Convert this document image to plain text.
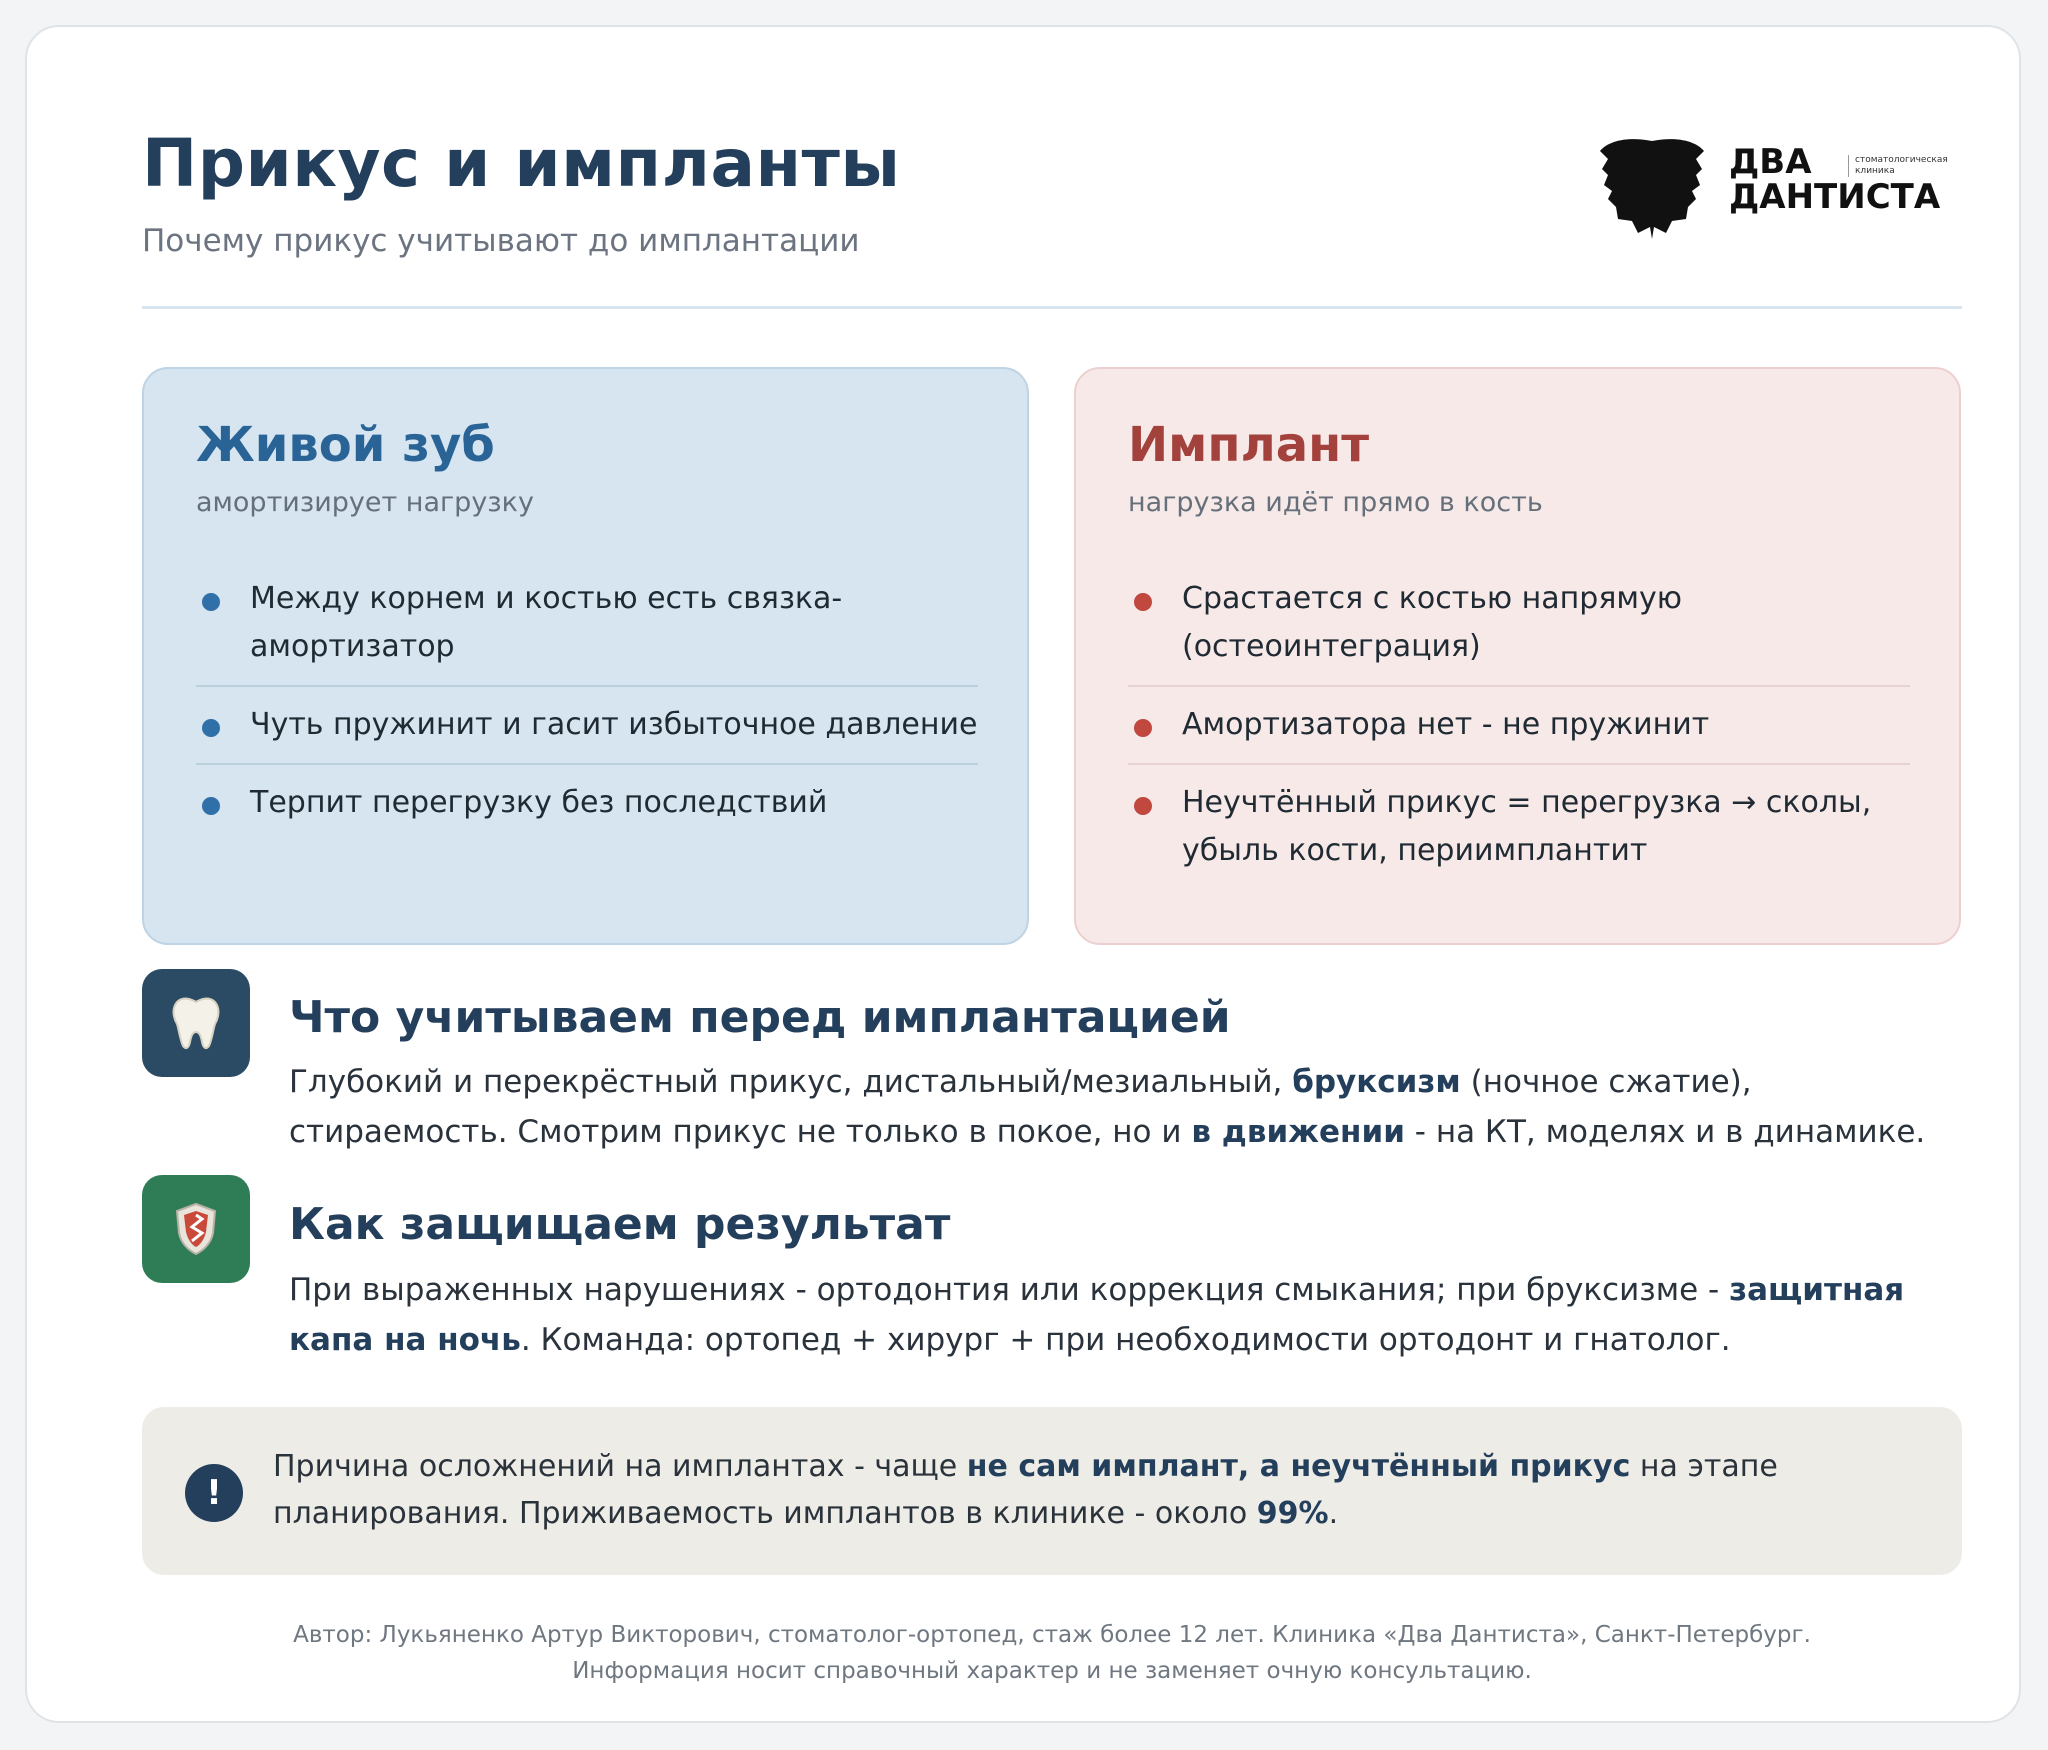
Прикус и импланты
Почему прикус учитывают до имплантации
ДВА
ДАНТИСТА
стоматологическая
клиника
Живой зуб
амортизирует нагрузку
Между корнем и костью есть связка-амортизатор
Чуть пружинит и гасит избыточное давление
Терпит перегрузку без последствий
Имплант
нагрузка идёт прямо в кость
Срастается с костью напрямую (остеоинтеграция)
Амортизатора нет - не пружинит
Неучтённый прикус = перегрузка → сколы, убыль кости, периимплантит
Что учитываем перед имплантацией
Глубокий и перекрёстный прикус, дистальный/мезиальный, бруксизм (ночное сжатие), стираемость. Смотрим прикус не только в покое, но и в движении - на КТ, моделях и в динамике.
Как защищаем результат
При выраженных нарушениях - ортодонтия или коррекция смыкания; при бруксизме - защитная капа на ночь. Команда: ортопед + хирург + при необходимости ортодонт и гнатолог.
!
Причина осложнений на имплантах - чаще не сам имплант, а неучтённый прикус на этапе планирования. Приживаемость имплантов в клинике - около 99%.
Автор: Лукьяненко Артур Викторович, стоматолог-ортопед, стаж более 12 лет. Клиника «Два Дантиста», Санкт-Петербург.
Информация носит справочный характер и не заменяет очную консультацию.
